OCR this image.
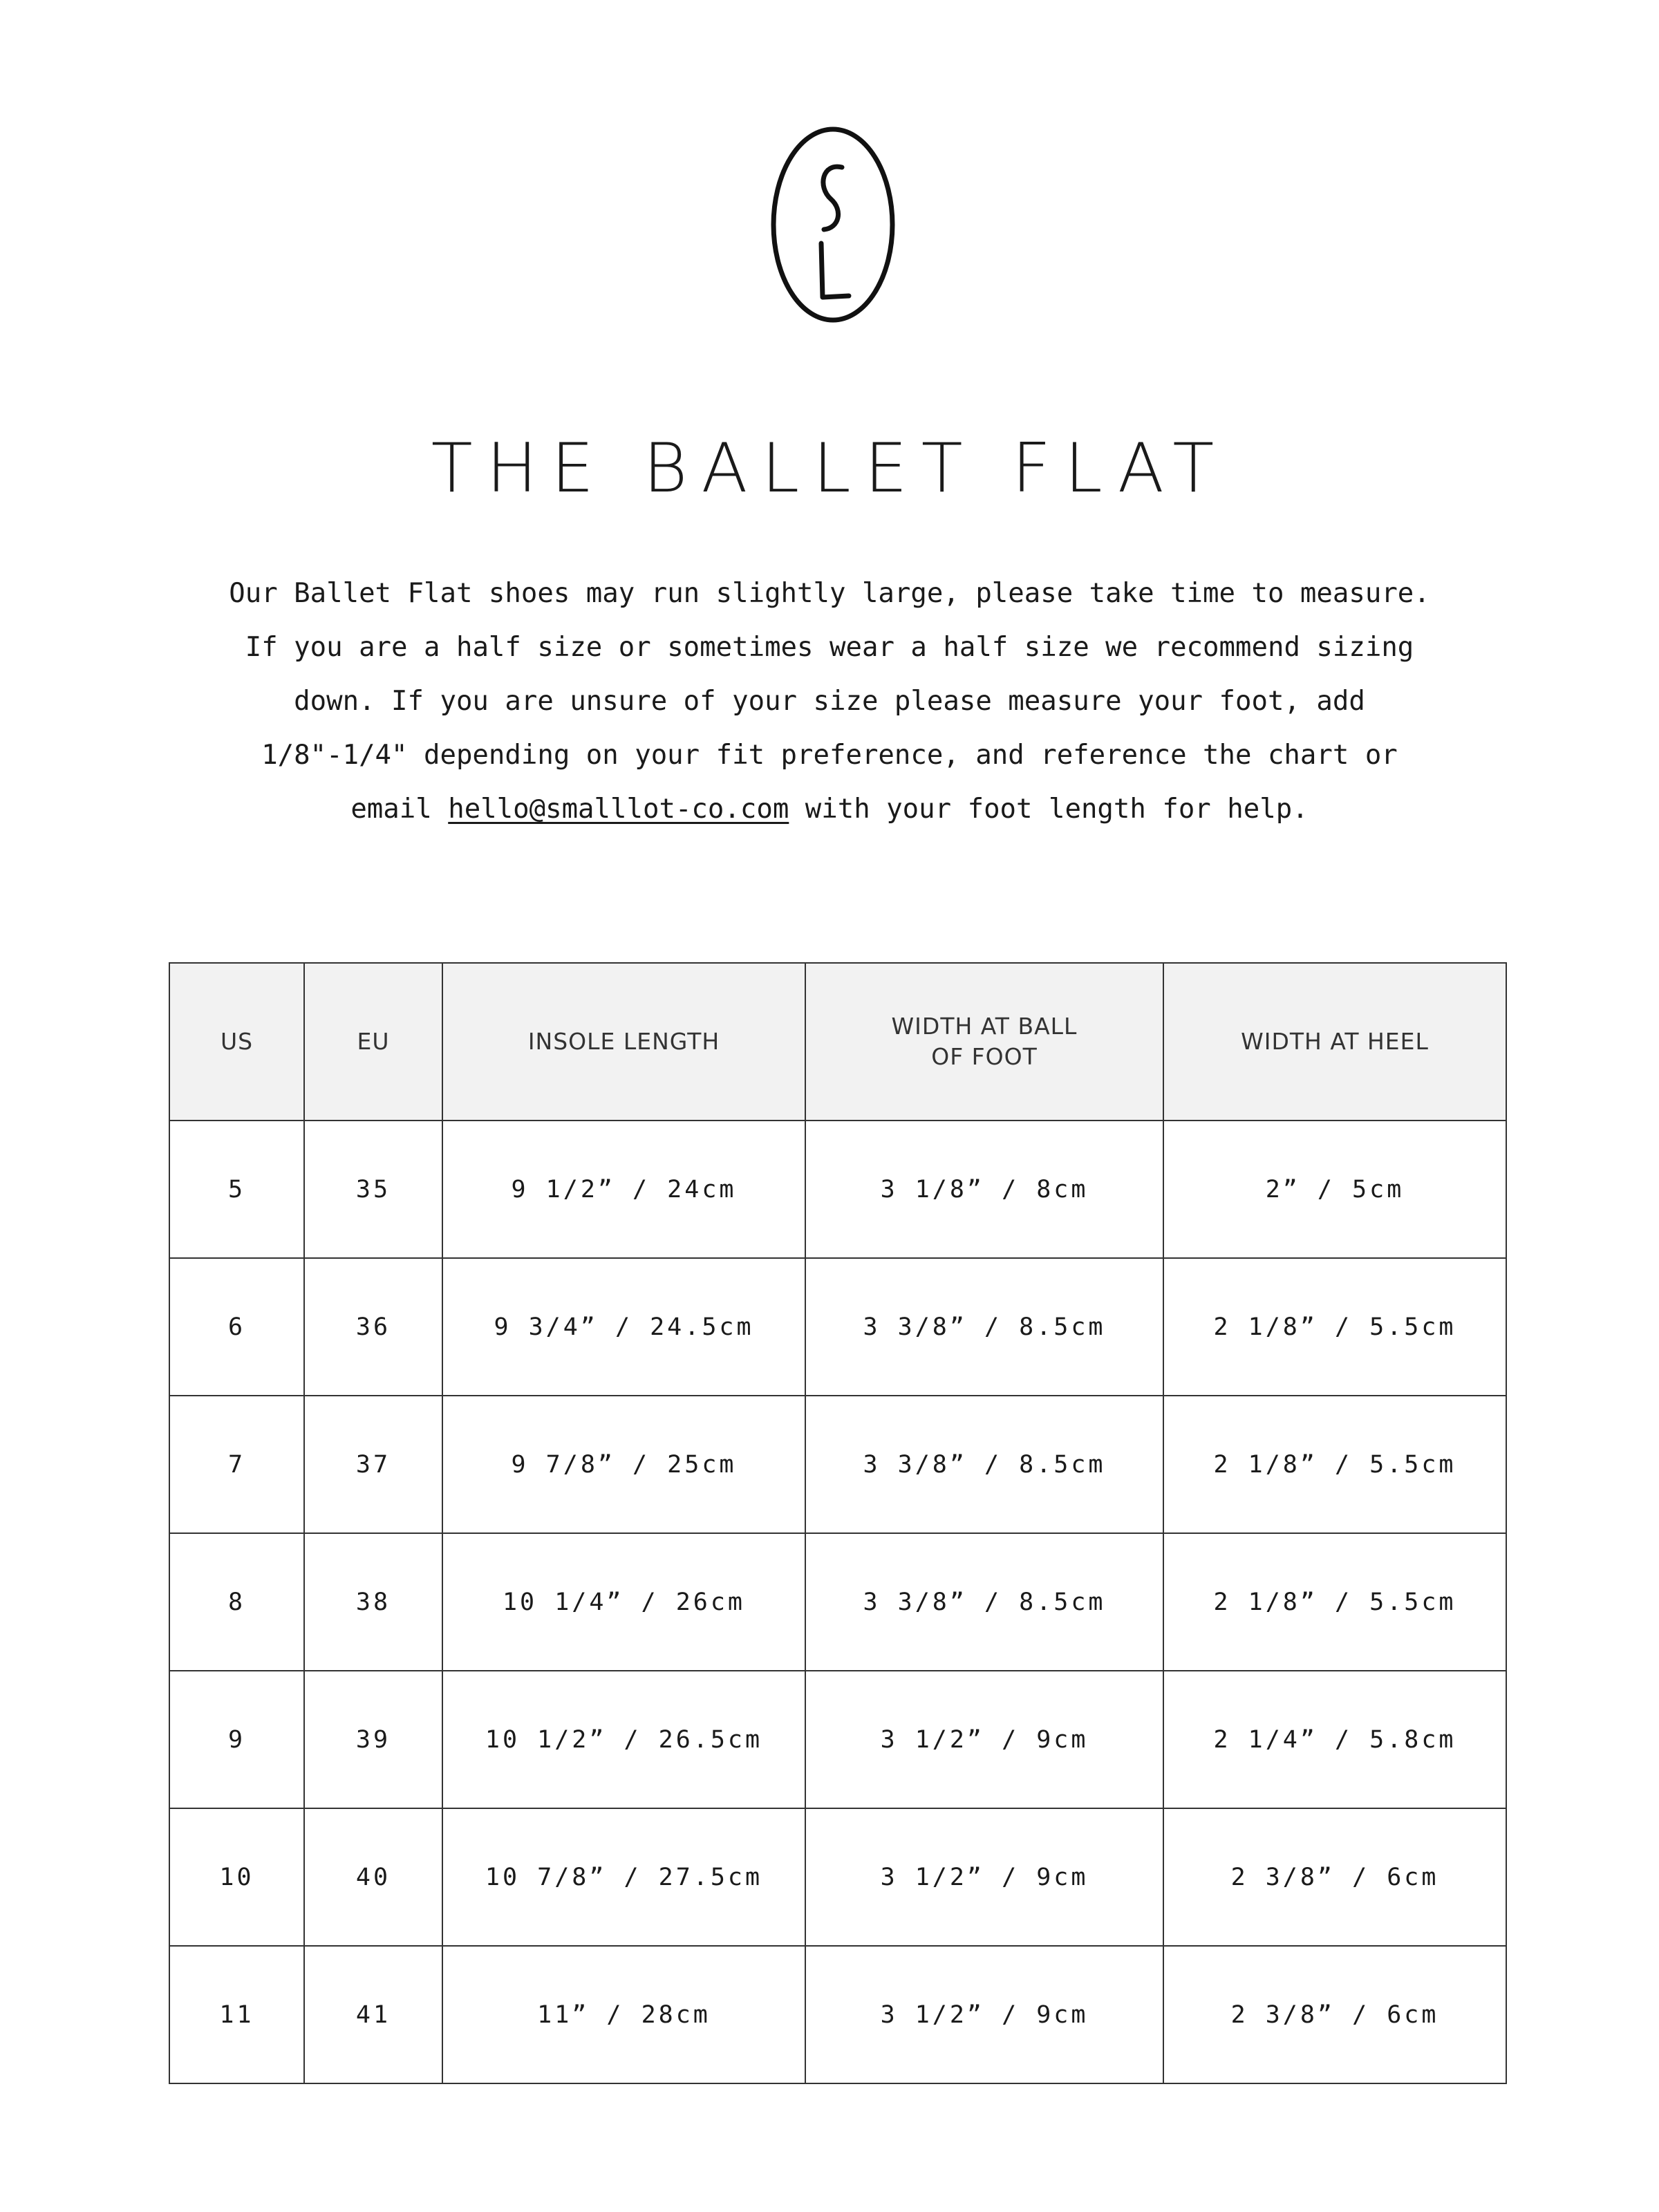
THE BALLET FLAT

Our Ballet Flat shoes may run slightly large, please take time to measure. If you are a half size or sometimes wear a half size we recommend sizing down. If you are unsure of your size please measure your foot, add 1/8"-1/4" depending on your fit preference, and reference the chart or email hello@smalllot-co.com with your foot length for help.

US	EU	INSOLE LENGTH	WIDTH AT BALL OF FOOT	WIDTH AT HEEL
5	35	9 1/2” / 24cm	3 1/8” / 8cm	2” / 5cm
6	36	9 3/4” / 24.5cm	3 3/8” / 8.5cm	2 1/8” / 5.5cm
7	37	9 7/8” / 25cm	3 3/8” / 8.5cm	2 1/8” / 5.5cm
8	38	10 1/4” / 26cm	3 3/8” / 8.5cm	2 1/8” / 5.5cm
9	39	10 1/2” / 26.5cm	3 1/2” / 9cm	2 1/4” / 5.8cm
10	40	10 7/8” / 27.5cm	3 1/2” / 9cm	2 3/8” / 6cm
11	41	11” / 28cm	3 1/2” / 9cm	2 3/8” / 6cm
